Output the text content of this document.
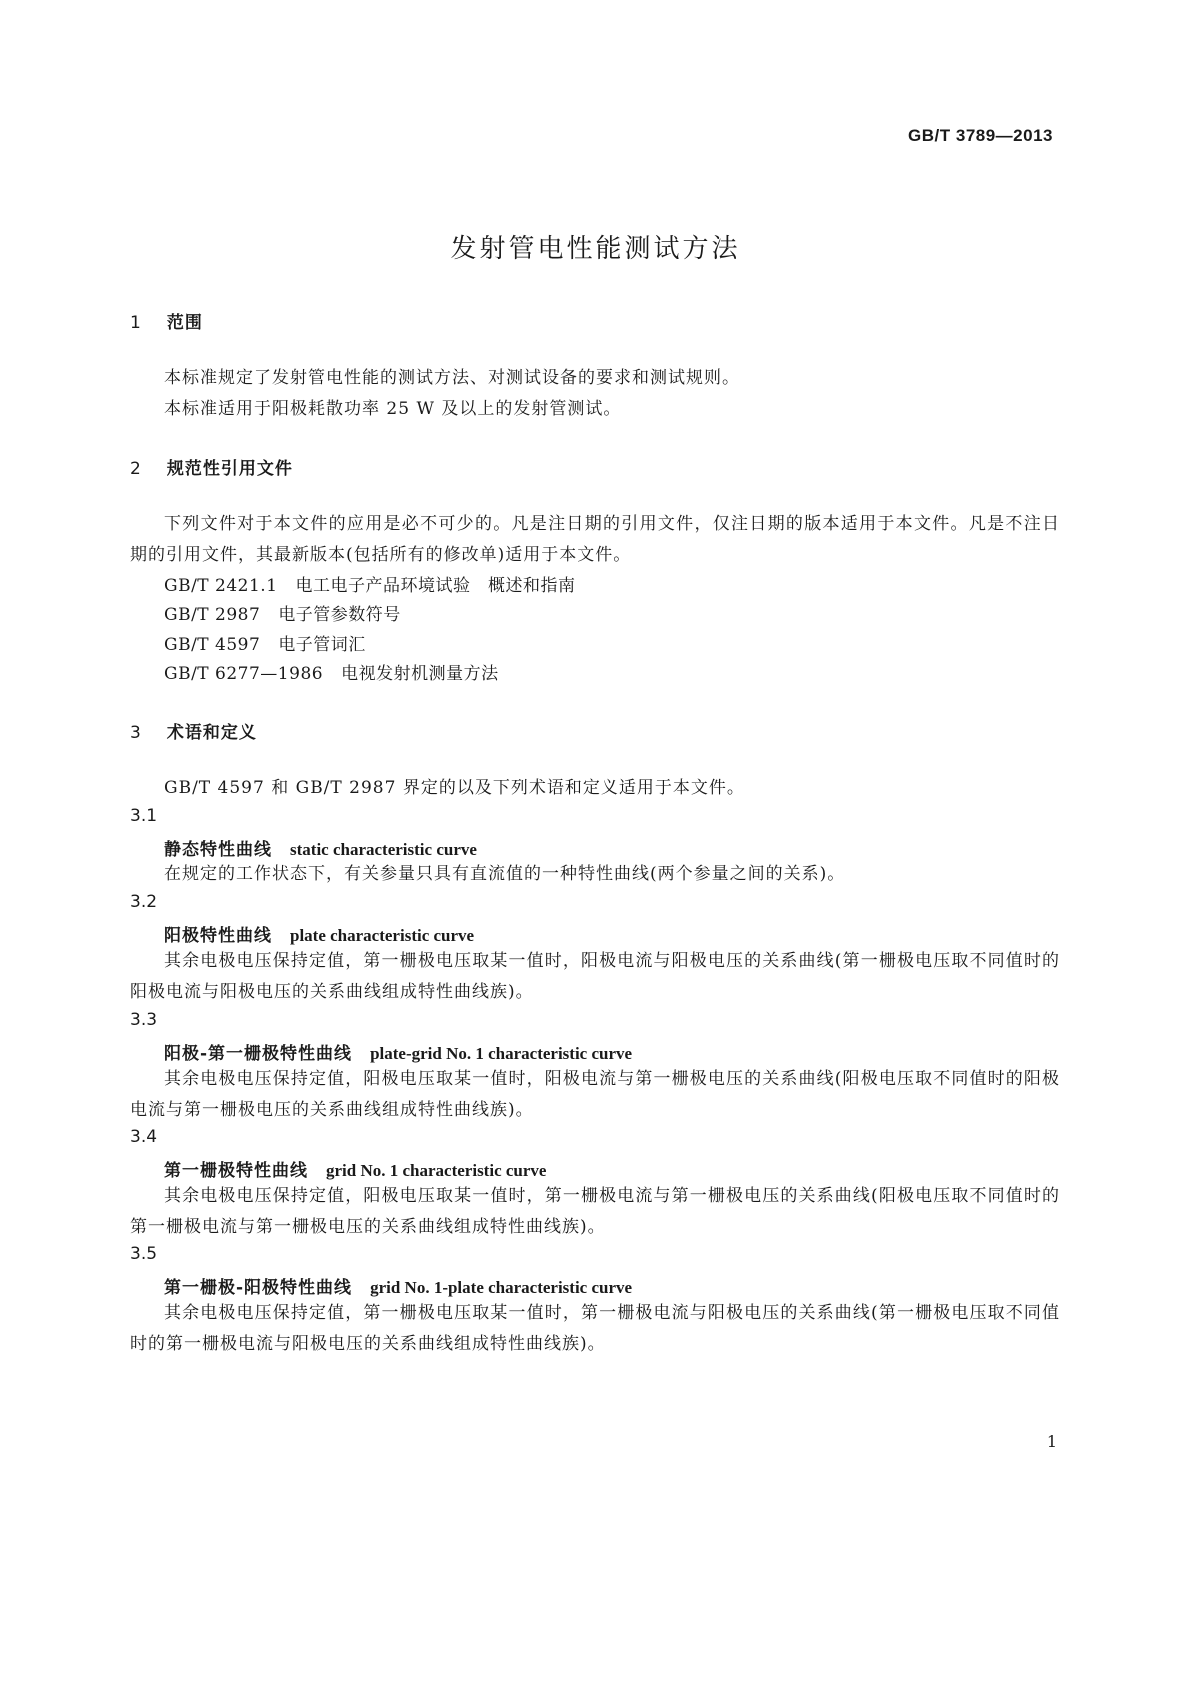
GB/T 3789—2013
发射管电性能测试方法
1 范围
本标准规定了发射管电性能的测试方法、对测试设备的要求和测试规则。
本标准适用于阳极耗散功率 25 W 及以上的发射管测试。
2 规范性引用文件
下列文件对于本文件的应用是必不可少的。凡是注日期的引用文件，仅注日期的版本适用于本文件。凡是不注日期的引用文件，其最新版本(包括所有的修改单)适用于本文件。
GB/T 2421.1 电工电子产品环境试验　概述和指南
GB/T 2987 电子管参数符号
GB/T 4597 电子管词汇
GB/T 6277—1986 电视发射机测量方法
3 术语和定义
GB/T 4597 和 GB/T 2987 界定的以及下列术语和定义适用于本文件。
3.1
静态特性曲线 static characteristic curve
在规定的工作状态下，有关参量只具有直流值的一种特性曲线(两个参量之间的关系)。
3.2
阳极特性曲线 plate characteristic curve
其余电极电压保持定值，第一栅极电压取某一值时，阳极电流与阳极电压的关系曲线(第一栅极电压取不同值时的阳极电流与阳极电压的关系曲线组成特性曲线族)。
3.3
阳极-第一栅极特性曲线 plate-grid No. 1 characteristic curve
其余电极电压保持定值，阳极电压取某一值时，阳极电流与第一栅极电压的关系曲线(阳极电压取不同值时的阳极电流与第一栅极电压的关系曲线组成特性曲线族)。
3.4
第一栅极特性曲线 grid No. 1 characteristic curve
其余电极电压保持定值，阳极电压取某一值时，第一栅极电流与第一栅极电压的关系曲线(阳极电压取不同值时的第一栅极电流与第一栅极电压的关系曲线组成特性曲线族)。
3.5
第一栅极-阳极特性曲线 grid No. 1-plate characteristic curve
其余电极电压保持定值，第一栅极电压取某一值时，第一栅极电流与阳极电压的关系曲线(第一栅极电压取不同值时的第一栅极电流与阳极电压的关系曲线组成特性曲线族)。
1
